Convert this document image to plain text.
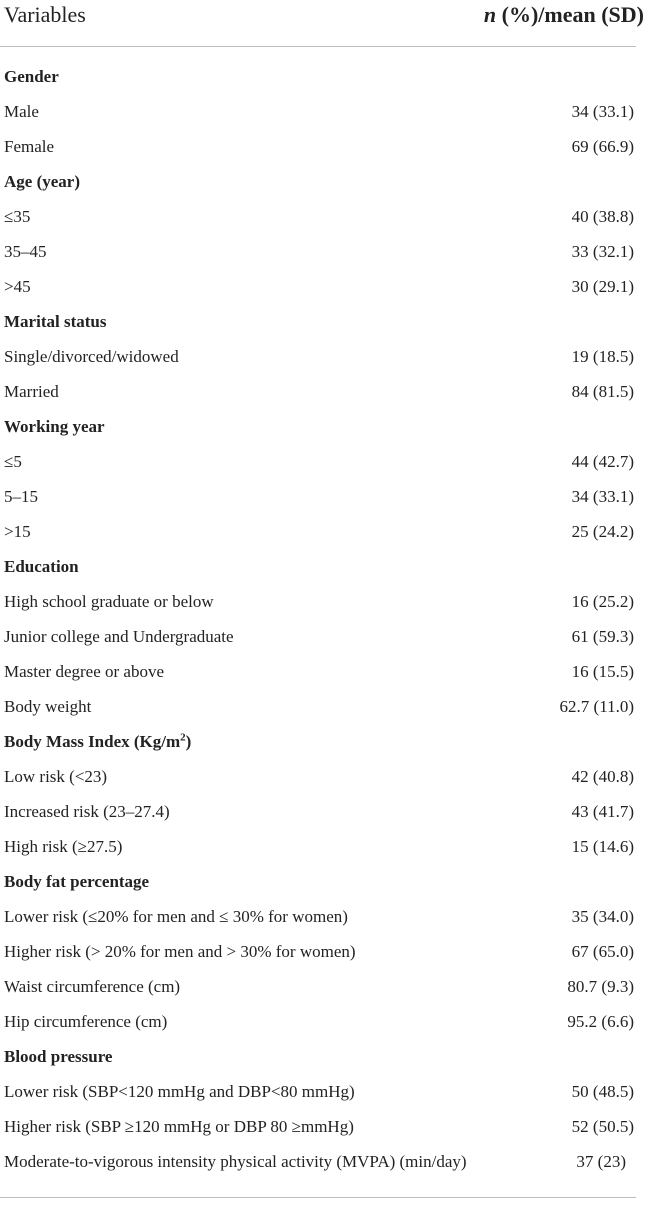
Variables	n (%)/mean (SD)
Gender
Male	34 (33.1)
Female	69 (66.9)
Age (year)
≤35	40 (38.8)
35–45	33 (32.1)
>45	30 (29.1)
Marital status
Single/divorced/widowed	19 (18.5)
Married	84 (81.5)
Working year
≤5	44 (42.7)
5–15	34 (33.1)
>15	25 (24.2)
Education
High school graduate or below	16 (25.2)
Junior college and Undergraduate	61 (59.3)
Master degree or above	16 (15.5)
Body weight	62.7 (11.0)
Body Mass Index $(Kg/m^2)$
Low risk (<23)	42 (40.8)
Increased risk (23–27.4)	43 (41.7)
High risk (≥27.5)	15 (14.6)
Body fat percentage
Lower risk (≤20% for men and ≤ 30% for women)	35 (34.0)
Higher risk (> 20% for men and > 30% for women)	67 (65.0)
Waist circumference (cm)	80.7 (9.3)
Hip circumference (cm)	95.2 (6.6)
Blood pressure
Lower risk (SBP<120 mmHg and DBP<80 mmHg)	50 (48.5)
Higher risk (SBP ≥120 mmHg or DBP 80 ≥mmHg)	52 (50.5)
Moderate-to-vigorous intensity physical activity (MVPA) (min/day)	37 (23)
